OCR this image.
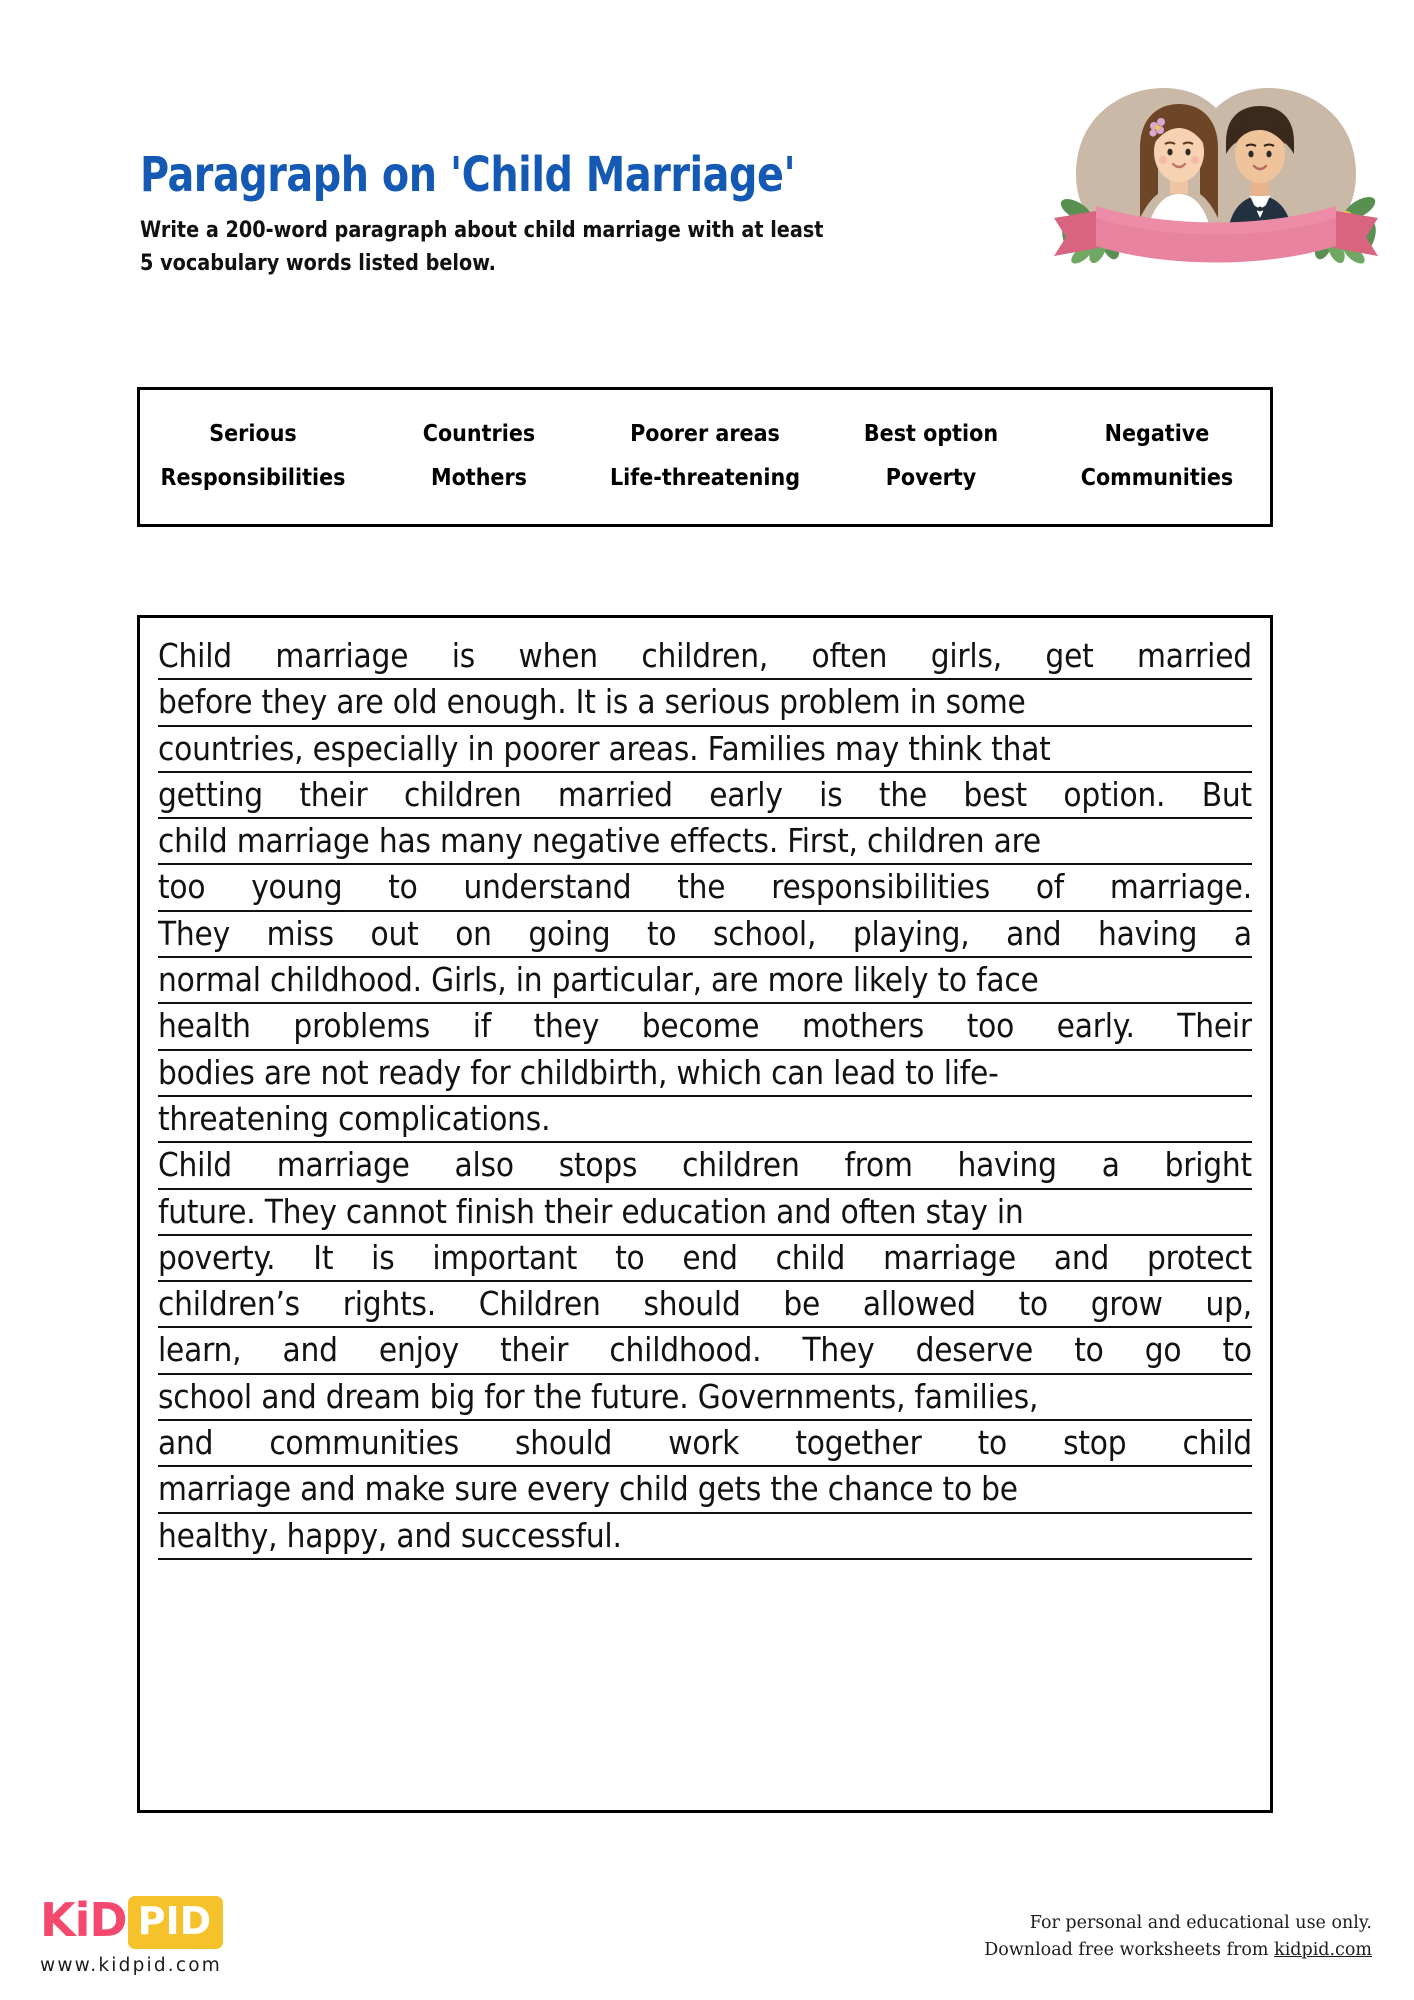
Paragraph on 'Child Marriage'
Write a 200-word paragraph about child marriage with at least 5 vocabulary words listed below.
Serious	Countries	Poorer areas	Best option	Negative
Responsibilities	Mothers	Life-threatening	Poverty	Communities
Child marriage is when children, often girls, get married
before they are old enough. It is a serious problem in some
countries, especially in poorer areas. Families may think that
getting their children married early is the best option. But
child marriage has many negative effects. First, children are
too young to understand the responsibilities of marriage.
They miss out on going to school, playing, and having a
normal childhood. Girls, in particular, are more likely to face
health problems if they become mothers too early. Their
bodies are not ready for childbirth, which can lead to life-
threatening complications.
Child marriage also stops children from having a bright
future. They cannot finish their education and often stay in
poverty. It is important to end child marriage and protect
children’s rights. Children should be allowed to grow up,
learn, and enjoy their childhood. They deserve to go to
school and dream big for the future. Governments, families,
and communities should work together to stop child
marriage and make sure every child gets the chance to be
healthy, happy, and successful.
KiD PID
www.kidpid.com
For personal and educational use only.
Download free worksheets from kidpid.com
